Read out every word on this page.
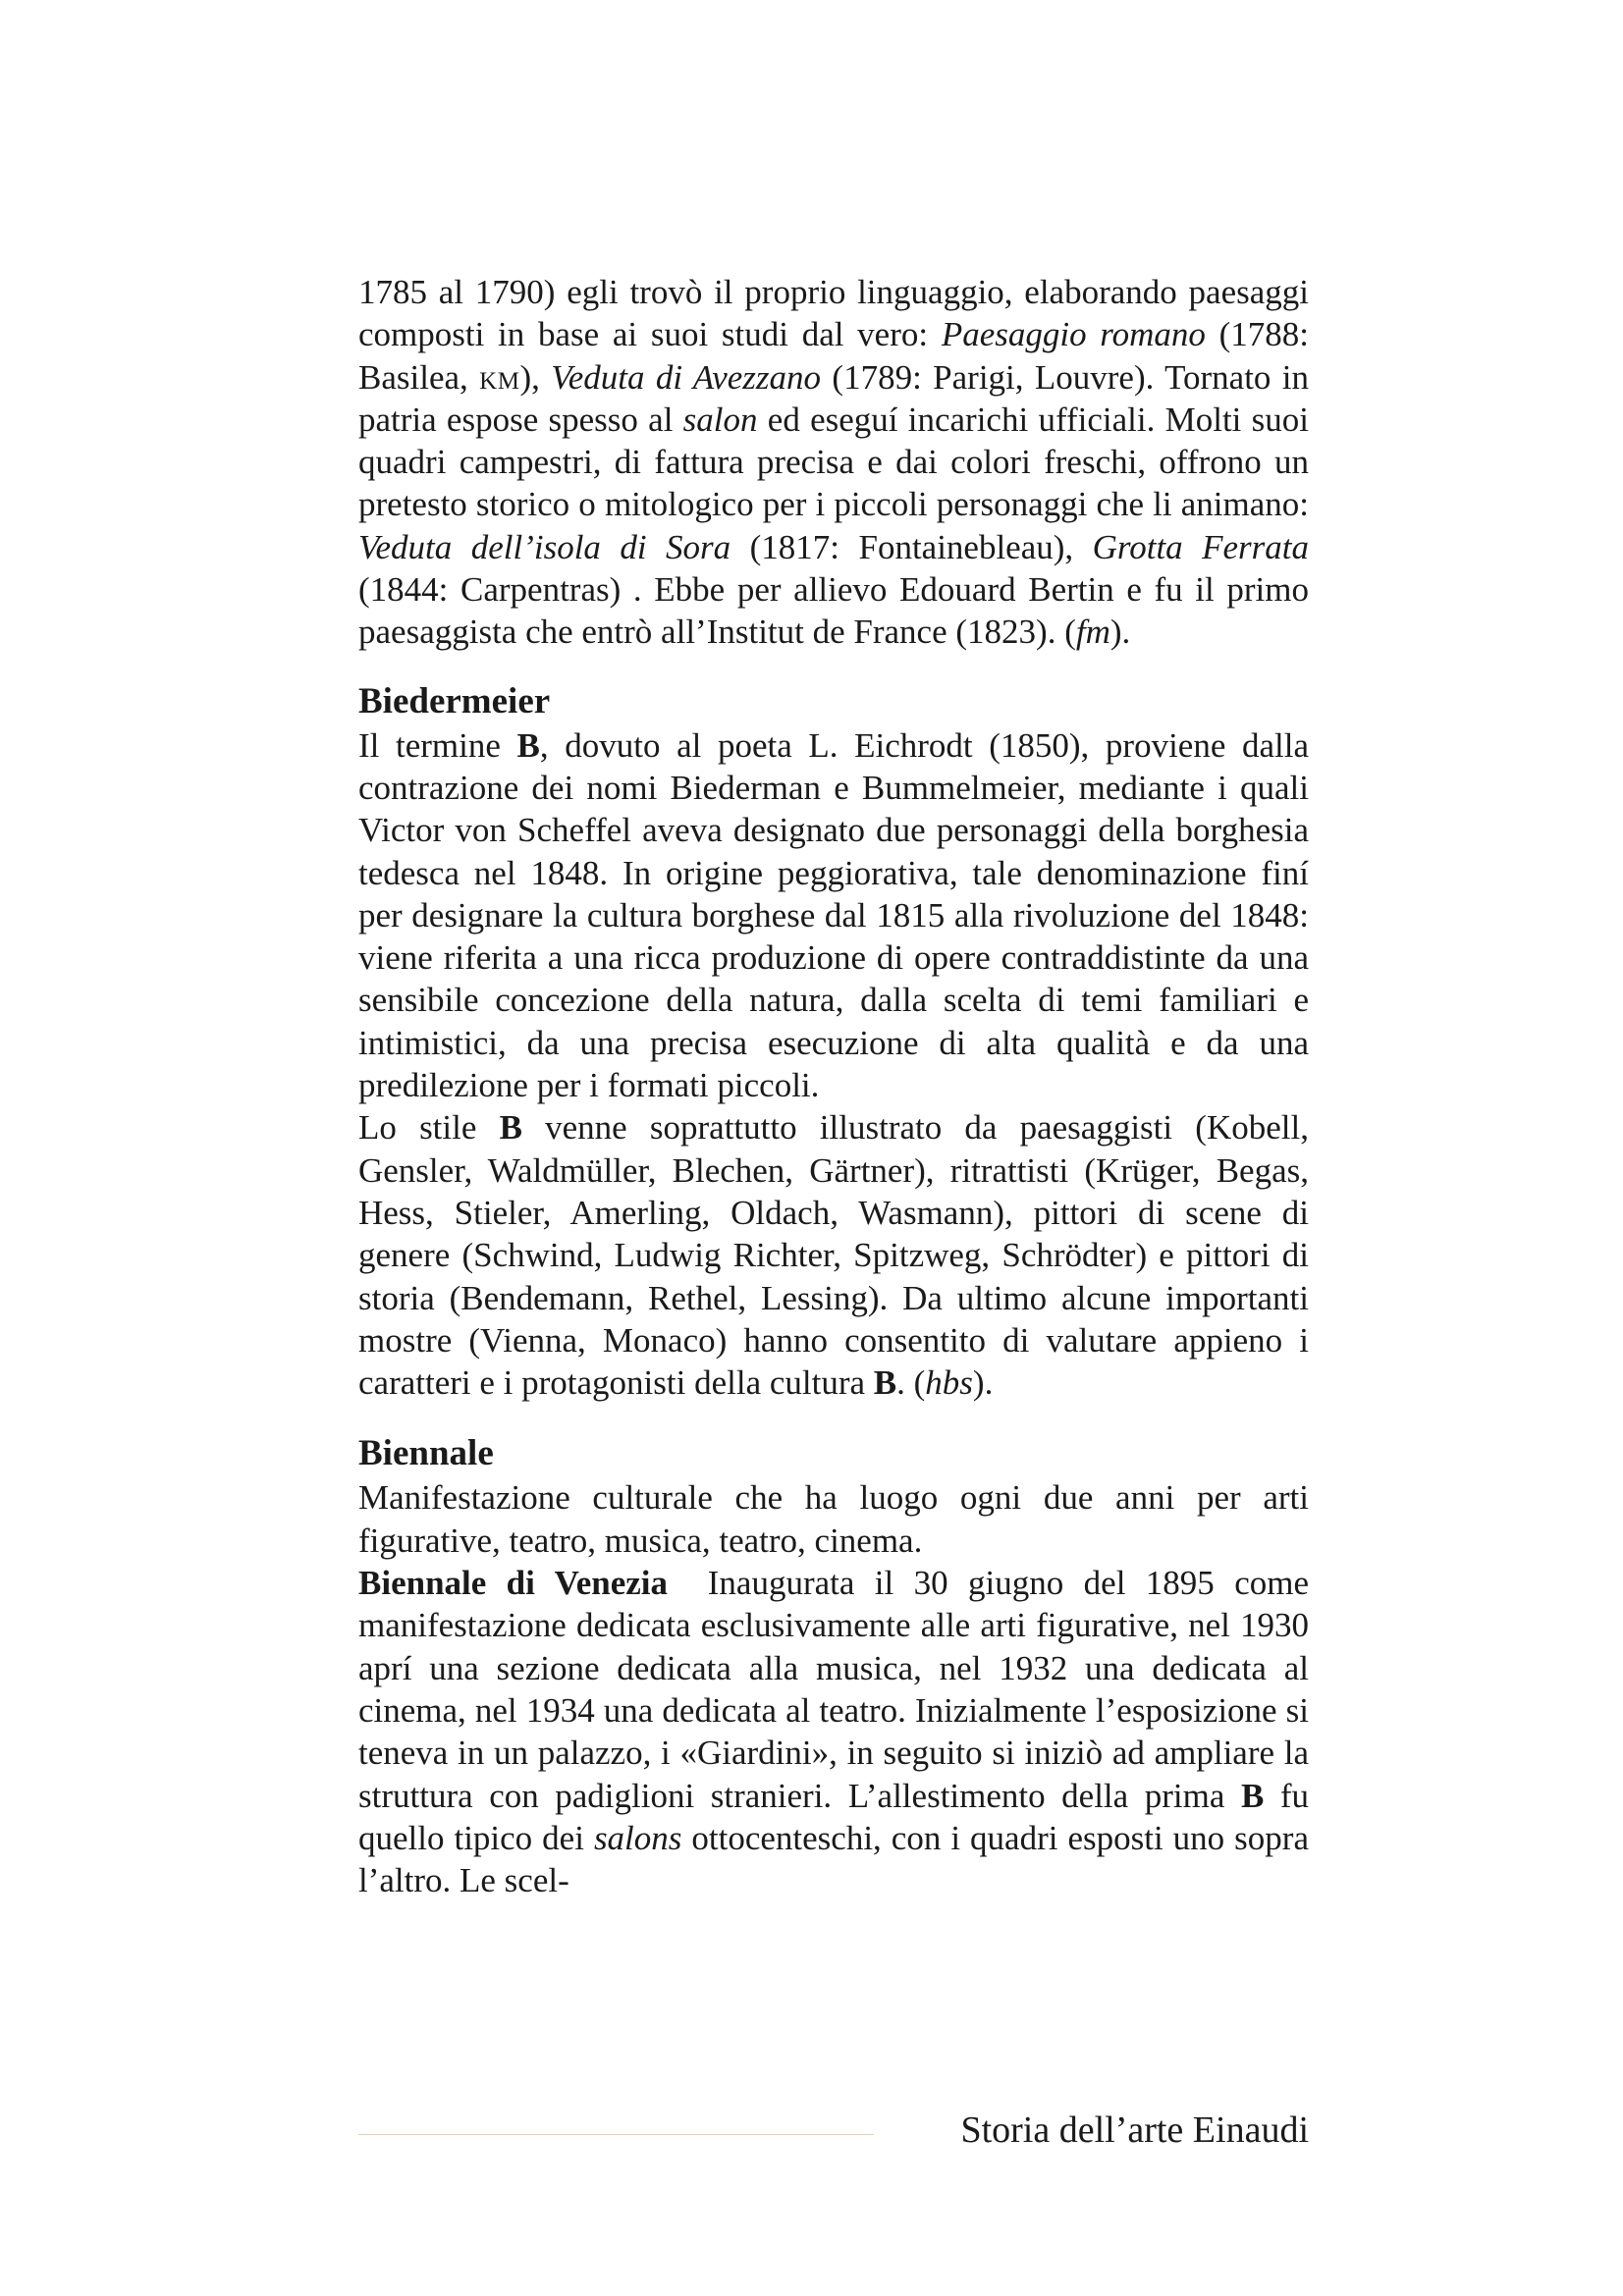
1785 al 1790) egli trovò il proprio linguaggio, elaborando paesaggi composti in base ai suoi studi dal vero: Paesaggio romano (1788: Basilea, km), Veduta di Avezzano (1789: Parigi, Louvre). Tornato in patria espose spesso al salon ed eseguí incarichi ufficiali. Molti suoi quadri campestri, di fattura precisa e dai colori freschi, offrono un pretesto storico o mitologico per i piccoli personaggi che li animano: Veduta dell’isola di Sora (1817: Fontainebleau), Grotta Ferrata (1844: Carpentras) . Ebbe per allievo Edouard Bertin e fu il primo paesaggista che entrò all’Institut de France (1823). (fm).

Biedermeier

Il termine B, dovuto al poeta L. Eichrodt (1850), proviene dalla contrazione dei nomi Biederman e Bummelmeier, mediante i quali Victor von Scheffel aveva designato due personaggi della borghesia tedesca nel 1848. In origine peggiorativa, tale denominazione finí per designare la cultura borghese dal 1815 alla rivoluzione del 1848: viene riferita a una ricca produzione di opere contraddistinte da una sensibile concezione della natura, dalla scelta di temi familiari e intimistici, da una precisa esecuzione di alta qualità e da una predilezione per i formati piccoli.

Lo stile B venne soprattutto illustrato da paesaggisti (Kobell, Gensler, Waldmüller, Blechen, Gärtner), ritrattisti (Krüger, Begas, Hess, Stieler, Amerling, Oldach, Wasmann), pittori di scene di genere (Schwind, Ludwig Richter, Spitzweg, Schrödter) e pittori di storia (Bendemann, Rethel, Lessing). Da ultimo alcune importanti mostre (Vienna, Monaco) hanno consentito di valutare appieno i caratteri e i protagonisti della cultura B. (hbs).

Biennale

Manifestazione culturale che ha luogo ogni due anni per arti figurative, teatro, musica, teatro, cinema.

Biennale di Venezia  Inaugurata il 30 giugno del 1895 come manifestazione dedicata esclusivamente alle arti figurative, nel 1930 aprí una sezione dedicata alla musica, nel 1932 una dedicata al cinema, nel 1934 una dedicata al teatro. Inizialmente l’esposizione si teneva in un palazzo, i «Giardini», in seguito si iniziò ad ampliare la struttura con padiglioni stranieri. L’allestimento della prima B fu quello tipico dei salons ottocenteschi, con i quadri esposti uno sopra l’altro. Le scel-

Storia dell’arte Einaudi
